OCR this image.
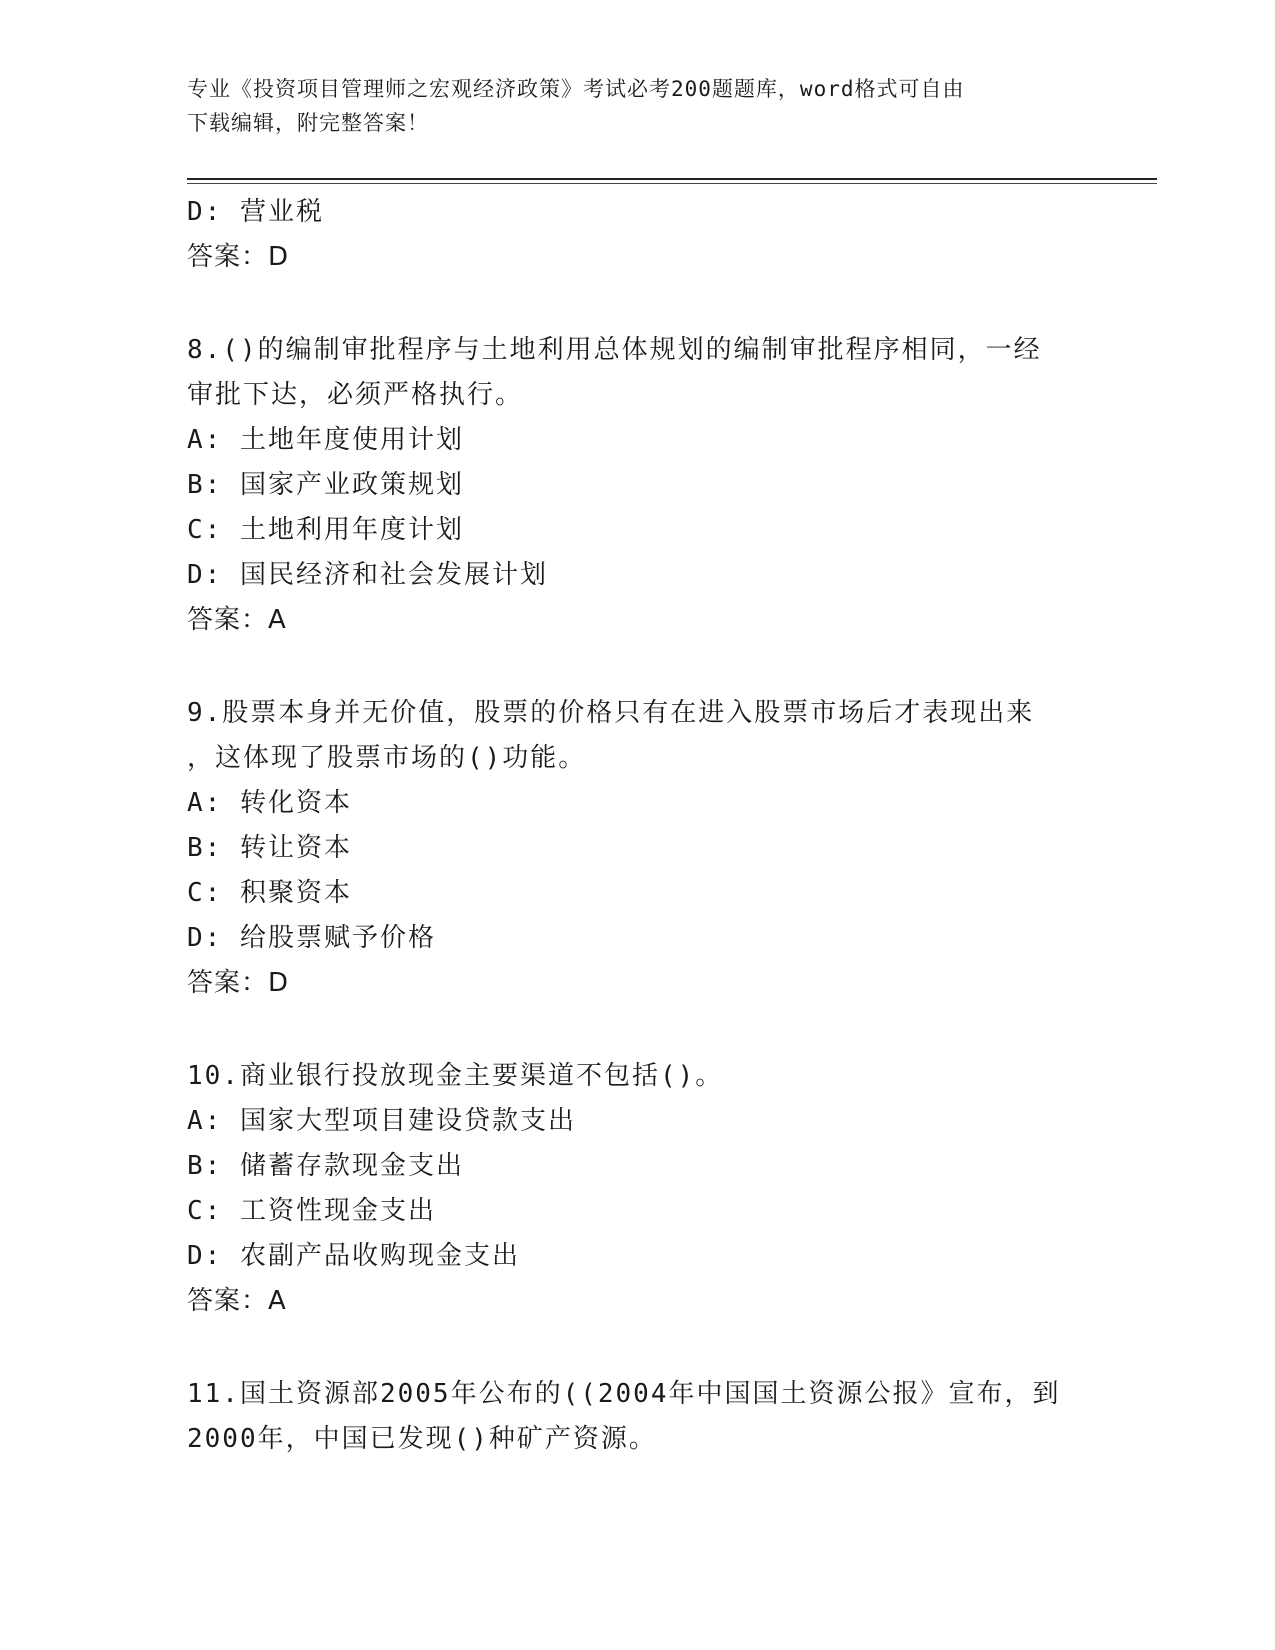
专业《投资项目管理师之宏观经济政策》考试必考200题题库，word格式可自由
下载编辑，附完整答案！
D: 营业税
答案：D
8.()的编制审批程序与土地利用总体规划的编制审批程序相同，一经
审批下达，必须严格执行。
A: 土地年度使用计划
B: 国家产业政策规划
C: 土地利用年度计划
D: 国民经济和社会发展计划
答案：A
9.股票本身并无价值，股票的价格只有在进入股票市场后才表现出来
，这体现了股票市场的()功能。
A: 转化资本
B: 转让资本
C: 积聚资本
D: 给股票赋予价格
答案：D
10.商业银行投放现金主要渠道不包括()。
A: 国家大型项目建设贷款支出
B: 储蓄存款现金支出
C: 工资性现金支出
D: 农副产品收购现金支出
答案：A
11.国土资源部2005年公布的((2004年中国国土资源公报》宣布，到
2000年，中国已发现()种矿产资源。
